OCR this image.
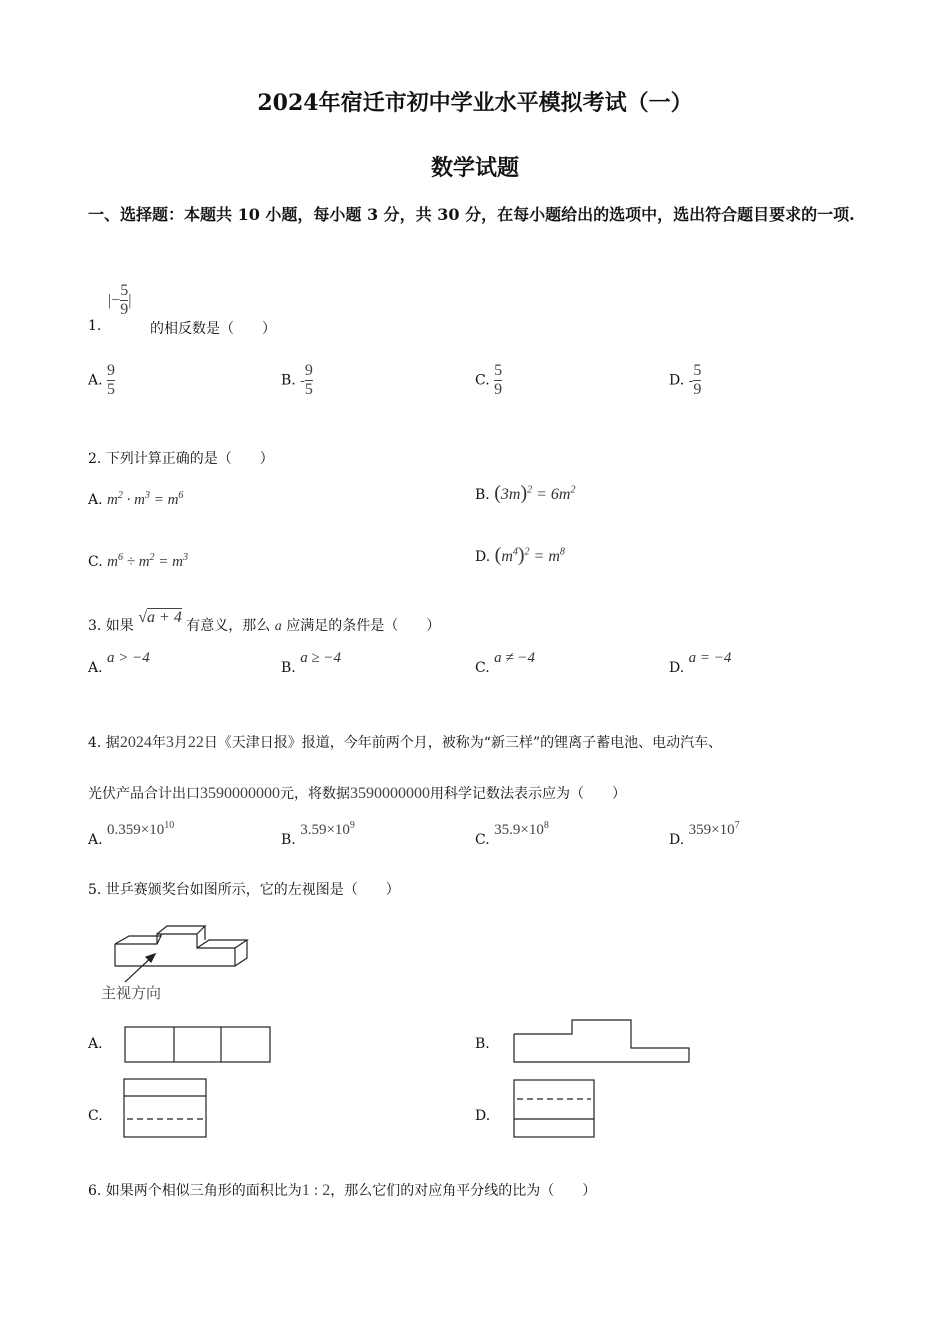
2024年宿迁市初中学业水平模拟考试（一）
数学试题
一、选择题：本题共 10 小题，每小题 3 分，共 30 分，在每小题给出的选项中，选出符合题目要求的一项.
1.
|− $\frac{5}{9}$ |
的相反数是（　　）
A. $\frac{9}{5}$	B. - $\frac{9}{5}$	C. $\frac{5}{9}$	D. - $\frac{5}{9}$
2. 下列计算正确的是（　　）
A. $m^2 \cdot m^3 = m^6$	B. $(3m)^2 = 6m^2$
C. $m^6 \div m^2 = m^3$	D. $(m^4)^2 = m^8$
3. 如果 √a + 4 有意义，那么 a 应满足的条件是（　　）
A. a > −4
B. a ≥ −4
C. a ≠ −4
D. a = −4
4. 据2024年3月22日《天津日报》报道，今年前两个月，被称为“新三样”的锂离子蓄电池、电动汽车、
光伏产品合计出口3590000000元，将数据3590000000用科学记数法表示应为（　　）
A. $0.359\times 10^{10}$
B. $3.59\times 10^9$
C. $35.9\times 10^8$
D. $359\times 10^7$
5. 世乒赛颁奖台如图所示，它的左视图是（　　）
主视方向
A.	B.
C.	D.
6. 如果两个相似三角形的面积比为1 : 2，那么它们的对应角平分线的比为（　　）
